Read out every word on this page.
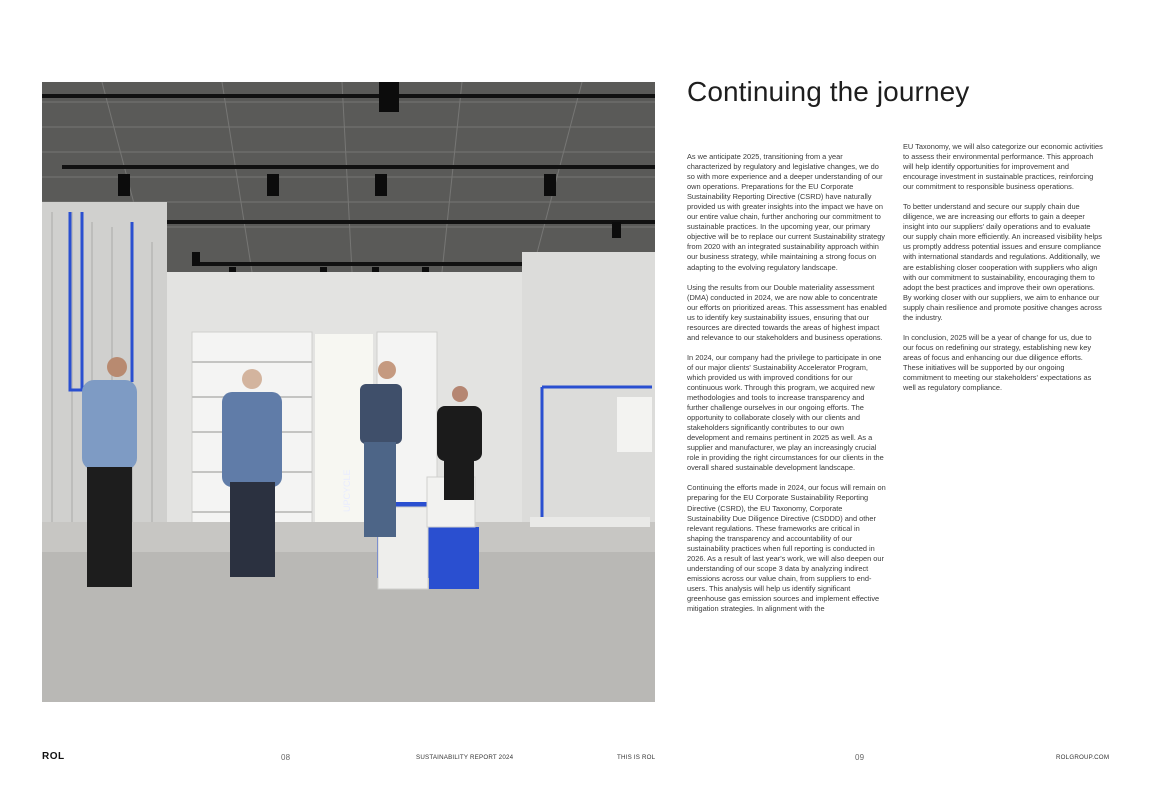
UPCYCLE
Continuing the journey

As we anticipate 2025, transitioning from a year characterized by regulatory and legislative changes, we do so with more experience and a deeper understanding of our own operations. Preparations for the EU Corporate Sustainability Reporting Directive (CSRD) have naturally provided us with greater insights into the impact we have on our entire value chain, further anchoring our commitment to sustainable practices. In the upcoming year, our primary objective will be to replace our current Sustainability strategy from 2020 with an integrated sustainability approach within our business strategy, while maintaining a strong focus on adapting to the evolving regulatory landscape.

Using the results from our Double materiality assessment (DMA) conducted in 2024, we are now able to concentrate our efforts on prioritized areas. This assessment has enabled us to identify key sustainability issues, ensuring that our resources are directed towards the areas of highest impact and relevance to our stakeholders and business operations.

In 2024, our company had the privilege to participate in one of our major clients' Sustainability Accelerator Program, which provided us with improved conditions for our continuous work. Through this program, we acquired new methodologies and tools to increase transparency and further challenge ourselves in our ongoing efforts. The opportunity to collaborate closely with our clients and stakeholders significantly contributes to our own development and remains pertinent in 2025 as well. As a supplier and manufacturer, we play an increasingly crucial role in providing the right circumstances for our clients in the overall shared sustainable development landscape.

Continuing the efforts made in 2024, our focus will remain on preparing for the EU Corporate Sustainability Reporting Directive (CSRD), the EU Taxonomy, Corporate Sustainability Due Diligence Directive (CSDDD) and other relevant regulations. These frameworks are critical in shaping the transparency and accountability of our sustainability practices when full reporting is conducted in 2026. As a result of last year's work, we will also deepen our understanding of our scope 3 data by analyzing indirect emissions across our value chain, from suppliers to end-users. This analysis will help us identify significant greenhouse gas emission sources and implement effective mitigation strategies. In alignment with the

EU Taxonomy, we will also categorize our economic activities to assess their environmental performance. This approach will help identify opportunities for improvement and encourage investment in sustainable practices, reinforcing our commitment to responsible business operations.

To better understand and secure our supply chain due diligence, we are increasing our efforts to gain a deeper insight into our suppliers' daily operations and to evaluate our supply chain more efficiently. An increased visibility helps us promptly address potential issues and ensure compliance with international standards and regulations. Additionally, we are establishing closer cooperation with suppliers who align with our commitment to sustainability, encouraging them to adopt the best practices and improve their own operations. By working closer with our suppliers, we aim to enhance our supply chain resilience and promote positive changes across the industry.

In conclusion, 2025 will be a year of change for us, due to our focus on redefining our strategy, establishing new key areas of focus and enhancing our due diligence efforts. These initiatives will be supported by our ongoing commitment to meeting our stakeholders' expectations as well as regulatory compliance.

ROL	08	SUSTAINABILITY REPORT 2024	THIS IS ROL	09	ROLGROUP.COM
